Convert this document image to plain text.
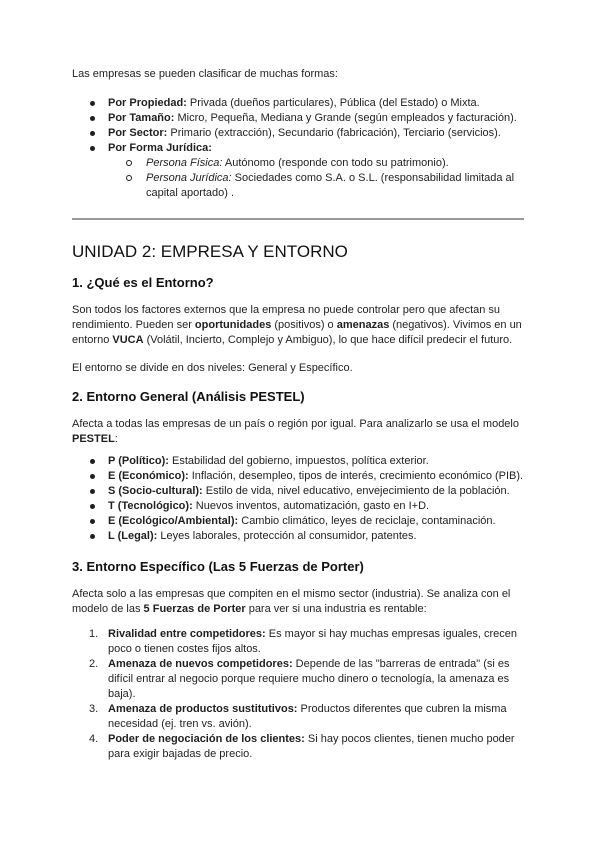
Las empresas se pueden clasificar de muchas formas:

Por Propiedad: Privada (dueños particulares), Pública (del Estado) o Mixta.
Por Tamaño: Micro, Pequeña, Mediana y Grande (según empleados y facturación).
Por Sector: Primario (extracción), Secundario (fabricación), Terciario (servicios).
Por Forma Jurídica:
Persona Física: Autónomo (responde con todo su patrimonio).
Persona Jurídica: Sociedades como S.A. o S.L. (responsabilidad limitada al capital aportado) .
UNIDAD 2: EMPRESA Y ENTORNO
1. ¿Qué es el Entorno?

Son todos los factores externos que la empresa no puede controlar pero que afectan su rendimiento. Pueden ser oportunidades (positivos) o amenazas (negativos). Vivimos en un entorno VUCA (Volátil, Incierto, Complejo y Ambiguo), lo que hace difícil predecir el futuro.

El entorno se divide en dos niveles: General y Específico.

2. Entorno General (Análisis PESTEL)

Afecta a todas las empresas de un país o región por igual. Para analizarlo se usa el modelo PESTEL:

P (Político): Estabilidad del gobierno, impuestos, política exterior.
E (Económico): Inflación, desempleo, tipos de interés, crecimiento económico (PIB).
S (Socio-cultural): Estilo de vida, nivel educativo, envejecimiento de la población.
T (Tecnológico): Nuevos inventos, automatización, gasto en I+D.
E (Ecológico/Ambiental): Cambio climático, leyes de reciclaje, contaminación.
L (Legal): Leyes laborales, protección al consumidor, patentes.
3. Entorno Específico (Las 5 Fuerzas de Porter)

Afecta solo a las empresas que compiten en el mismo sector (industria). Se analiza con el modelo de las 5 Fuerzas de Porter para ver si una industria es rentable:

1. Rivalidad entre competidores: Es mayor si hay muchas empresas iguales, crecen poco o tienen costes fijos altos.
2. Amenaza de nuevos competidores: Depende de las "barreras de entrada" (si es difícil entrar al negocio porque requiere mucho dinero o tecnología, la amenaza es baja).
3. Amenaza de productos sustitutivos: Productos diferentes que cubren la misma necesidad (ej. tren vs. avión).
4. Poder de negociación de los clientes: Si hay pocos clientes, tienen mucho poder para exigir bajadas de precio.
